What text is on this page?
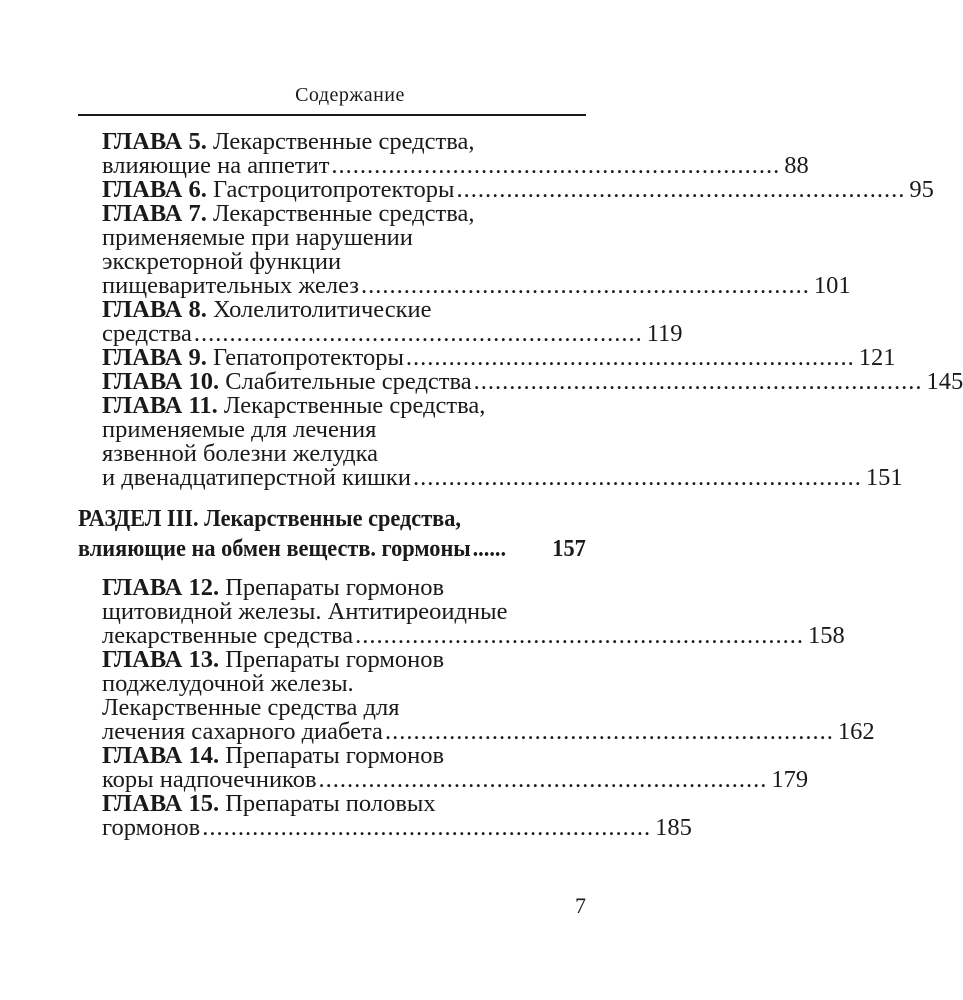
Содержание
ГЛАВА 5. Лекарственные средства,
влияющие на аппетит ............................................................... 88
ГЛАВА 6. Гастроцитопротекторы ............................................................... 95
ГЛАВА 7. Лекарственные средства,
применяемые при нарушении
экскреторной функции
пищеварительных желез ............................................................... 101
ГЛАВА 8. Холелитолитические
средства ............................................................... 119
ГЛАВА 9. Гепатопротекторы ............................................................... 121
ГЛАВА 10. Слабительные средства ............................................................... 145
ГЛАВА 11. Лекарственные средства,
применяемые для лечения
язвенной болезни желудка
и двенадцатиперстной кишки ............................................................... 151
РАЗДЕЛ III. Лекарственные средства,
влияющие на обмен веществ. гормоны ......	157
ГЛАВА 12. Препараты гормонов
щитовидной железы. Антитиреоидные
лекарственные средства ............................................................... 158
ГЛАВА 13. Препараты гормонов
поджелудочной железы.
Лекарственные средства для
лечения сахарного диабета ............................................................... 162
ГЛАВА 14. Препараты гормонов
коры надпочечников ............................................................... 179
ГЛАВА 15. Препараты половых
гормонов ............................................................... 185
7
